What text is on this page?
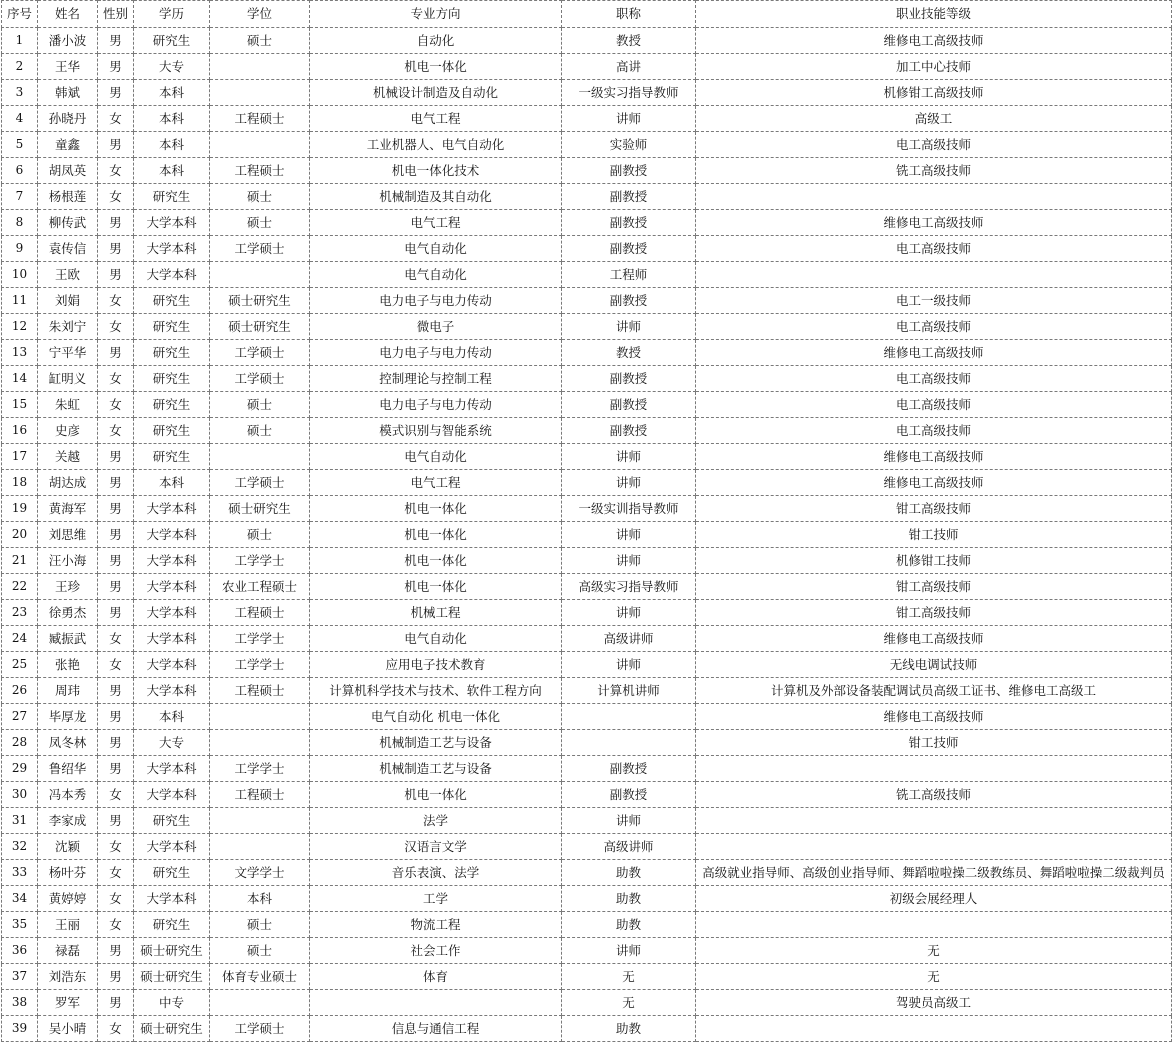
序号	姓名	性别	学历	学位	专业方向	职称	职业技能等级
1	潘小波	男	研究生	硕士	自动化	教授	维修电工高级技师
2	王华	男	大专		机电一体化	高讲	加工中心技师
3	韩斌	男	本科		机械设计制造及自动化	一级实习指导教师	机修钳工高级技师
4	孙晓丹	女	本科	工程硕士	电气工程	讲师	高级工
5	童鑫	男	本科		工业机器人、电气自动化	实验师	电工高级技师
6	胡凤英	女	本科	工程硕士	机电一体化技术	副教授	铣工高级技师
7	杨根莲	女	研究生	硕士	机械制造及其自动化	副教授	
8	柳传武	男	大学本科	硕士	电气工程	副教授	维修电工高级技师
9	袁传信	男	大学本科	工学硕士	电气自动化	副教授	电工高级技师
10	王欧	男	大学本科		电气自动化	工程师	
11	刘娟	女	研究生	硕士研究生	电力电子与电力传动	副教授	电工一级技师
12	朱刘宁	女	研究生	硕士研究生	微电子	讲师	电工高级技师
13	宁平华	男	研究生	工学硕士	电力电子与电力传动	教授	维修电工高级技师
14	缸明义	女	研究生	工学硕士	控制理论与控制工程	副教授	电工高级技师
15	朱虹	女	研究生	硕士	电力电子与电力传动	副教授	电工高级技师
16	史彦	女	研究生	硕士	模式识别与智能系统	副教授	电工高级技师
17	关越	男	研究生		电气自动化	讲师	维修电工高级技师
18	胡达成	男	本科	工学硕士	电气工程	讲师	维修电工高级技师
19	黄海军	男	大学本科	硕士研究生	机电一体化	一级实训指导教师	钳工高级技师
20	刘思维	男	大学本科	硕士	机电一体化	讲师	钳工技师
21	汪小海	男	大学本科	工学学士	机电一体化	讲师	机修钳工技师
22	王珍	男	大学本科	农业工程硕士	机电一体化	高级实习指导教师	钳工高级技师
23	徐勇杰	男	大学本科	工程硕士	机械工程	讲师	钳工高级技师
24	臧振武	女	大学本科	工学学士	电气自动化	高级讲师	维修电工高级技师
25	张艳	女	大学本科	工学学士	应用电子技术教育	讲师	无线电调试技师
26	周玮	男	大学本科	工程硕士	计算机科学技术与技术、软件工程方向	计算机讲师	计算机及外部设备装配调试员高级工证书、维修电工高级工
27	毕厚龙	男	本科		电气自动化 机电一体化		维修电工高级技师
28	凤冬林	男	大专		机械制造工艺与设备		钳工技师
29	鲁绍华	男	大学本科	工学学士	机械制造工艺与设备	副教授	
30	冯本秀	女	大学本科	工程硕士	机电一体化	副教授	铣工高级技师
31	李家成	男	研究生		法学	讲师	
32	沈颖	女	大学本科		汉语言文学	高级讲师	
33	杨叶芬	女	研究生	文学学士	音乐表演、法学	助教	高级就业指导师、高级创业指导师、舞蹈啦啦操二级教练员、舞蹈啦啦操二级裁判员
34	黄婷婷	女	大学本科	本科	工学	助教	初级会展经理人
35	王丽	女	研究生	硕士	物流工程	助教	
36	禄磊	男	硕士研究生	硕士	社会工作	讲师	无
37	刘浩东	男	硕士研究生	体育专业硕士	体育	无	无
38	罗军	男	中专			无	驾驶员高级工
39	吴小晴	女	硕士研究生	工学硕士	信息与通信工程	助教	
